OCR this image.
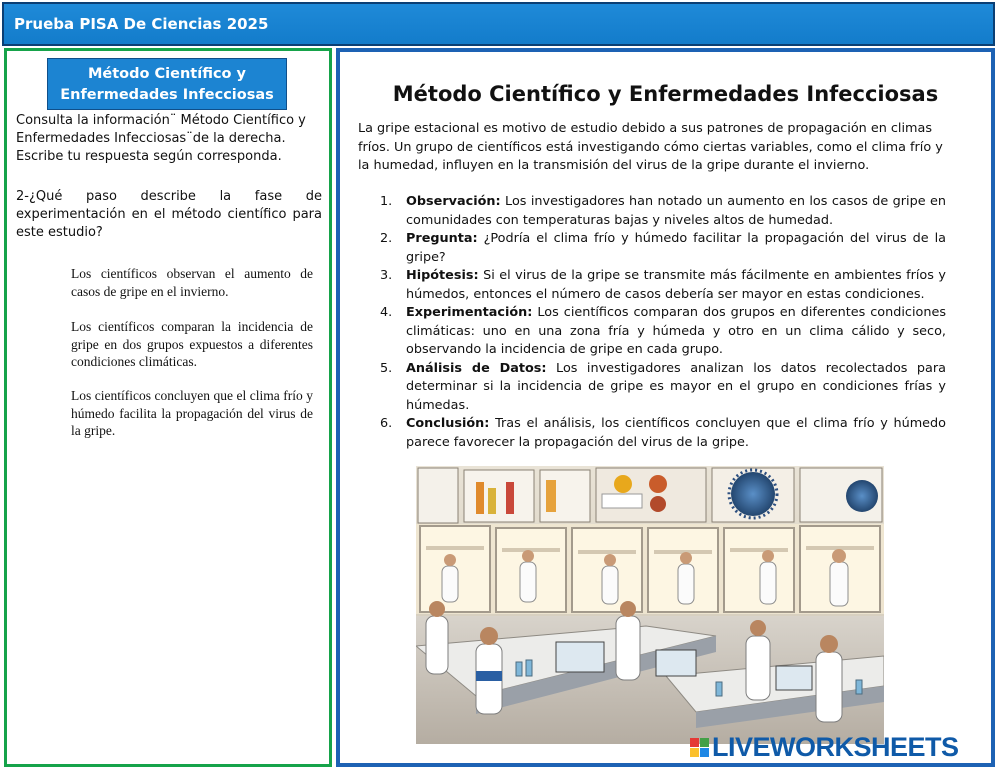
Prueba PISA De Ciencias 2025
Método Científico y
Enfermedades Infecciosas
Consulta la información¨ Método Científico y Enfermedades Infecciosas¨de la derecha. Escribe tu respuesta según corresponda.
2-¿Qué paso describe la fase de
experimentación en el método científico para
este estudio?
Los científicos observan el aumento de casos de gripe en el invierno.
Los científicos comparan la incidencia de gripe en dos grupos expuestos a diferentes condiciones climáticas.
Los científicos concluyen que el clima frío y húmedo facilita la propagación del virus de la gripe.
Método Científico y Enfermedades Infecciosas
La gripe estacional es motivo de estudio debido a sus patrones de propagación en climas fríos. Un grupo de científicos está investigando cómo ciertas variables, como el clima frío y la humedad, influyen en la transmisión del virus de la gripe durante el invierno.
1. Observación: Los investigadores han notado un aumento en los casos de gripe en comunidades con temperaturas bajas y niveles altos de humedad.
2. Pregunta: ¿Podría el clima frío y húmedo facilitar la propagación del virus de la gripe?
3. Hipótesis: Si el virus de la gripe se transmite más fácilmente en ambientes fríos y húmedos, entonces el número de casos debería ser mayor en estas condiciones.
4. Experimentación: Los científicos comparan dos grupos en diferentes condiciones climáticas: uno en una zona fría y húmeda y otro en un clima cálido y seco, observando la incidencia de gripe en cada grupo.
5. Análisis de Datos: Los investigadores analizan los datos recolectados para determinar si la incidencia de gripe es mayor en el grupo en condiciones frías y húmedas.
6. Conclusión: Tras el análisis, los científicos concluyen que el clima frío y húmedo parece favorecer la propagación del virus de la gripe.
LIVEWORKSHEETS
